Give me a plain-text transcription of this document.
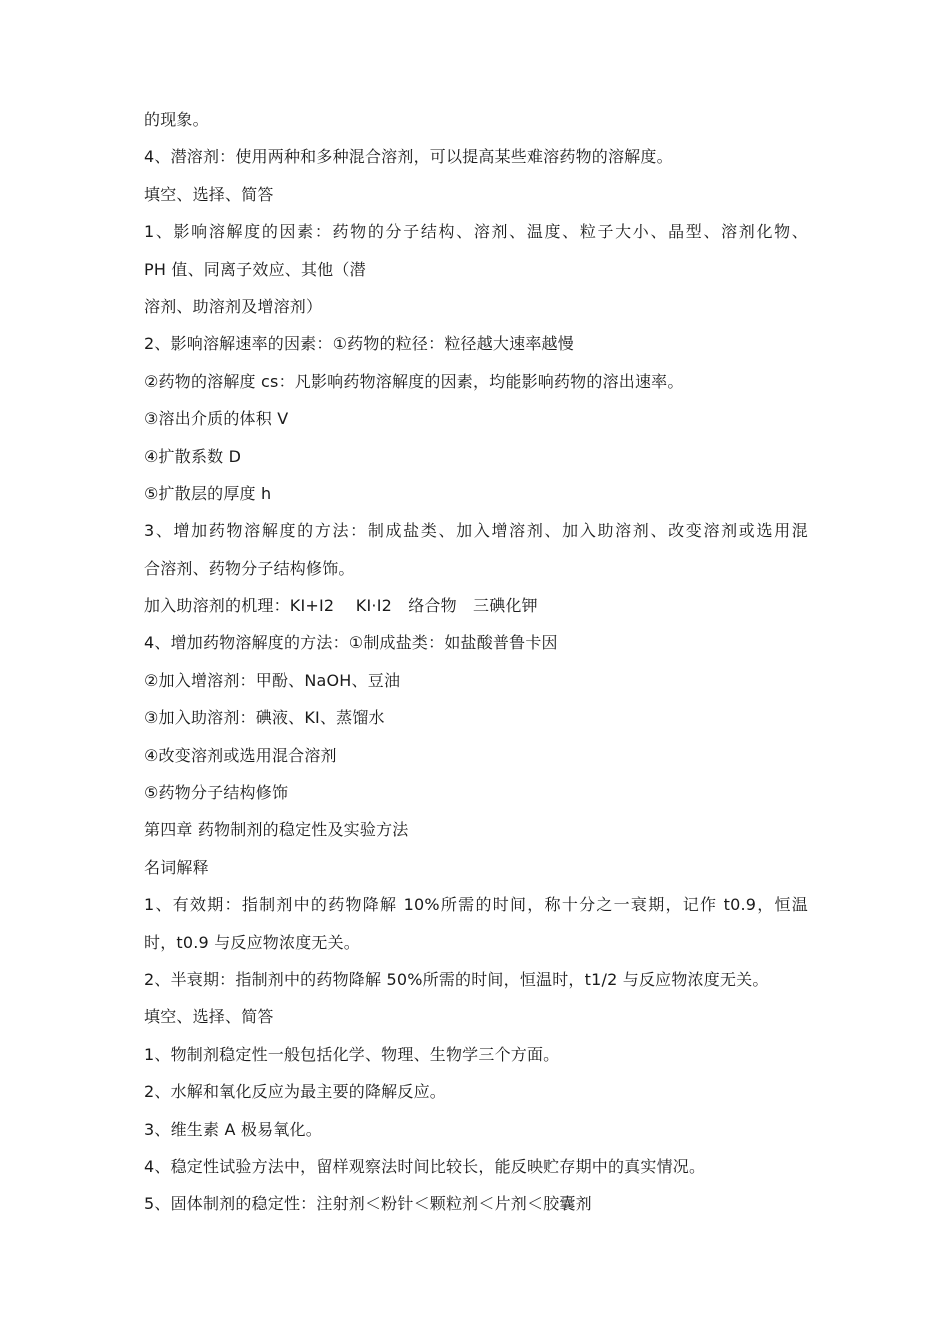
的现象。
4、潜溶剂：使用两种和多种混合溶剂，可以提高某些难溶药物的溶解度。
填空、选择、简答
1、影响溶解度的因素：药物的分子结构、溶剂、温度、粒子大小、晶型、溶剂化物、
PH 值、同离子效应、其他（潜
溶剂、助溶剂及增溶剂）
2、影响溶解速率的因素：①药物的粒径：粒径越大速率越慢
②药物的溶解度 cs：凡影响药物溶解度的因素，均能影响药物的溶出速率。
③溶出介质的体积 V
④扩散系数 D
⑤扩散层的厚度 h
3、增加药物溶解度的方法：制成盐类、加入增溶剂、加入助溶剂、改变溶剂或选用混
合溶剂、药物分子结构修饰。
加入助溶剂的机理：KI+I2　 KI·I2　络合物　三碘化钾
4、增加药物溶解度的方法：①制成盐类：如盐酸普鲁卡因
②加入增溶剂：甲酚、NaOH、豆油
③加入助溶剂：碘液、KI、蒸馏水
④改变溶剂或选用混合溶剂
⑤药物分子结构修饰
第四章 药物制剂的稳定性及实验方法
名词解释
1、有效期：指制剂中的药物降解 10%所需的时间，称十分之一衰期，记作 t0.9，恒温
时，t0.9 与反应物浓度无关。
2、半衰期：指制剂中的药物降解 50%所需的时间，恒温时，t1/2 与反应物浓度无关。
填空、选择、简答
1、物制剂稳定性一般包括化学、物理、生物学三个方面。
2、水解和氧化反应为最主要的降解反应。
3、维生素 A 极易氧化。
4、稳定性试验方法中，留样观察法时间比较长，能反映贮存期中的真实情况。
5、固体制剂的稳定性：注射剂＜粉针＜颗粒剂＜片剂＜胶囊剂
